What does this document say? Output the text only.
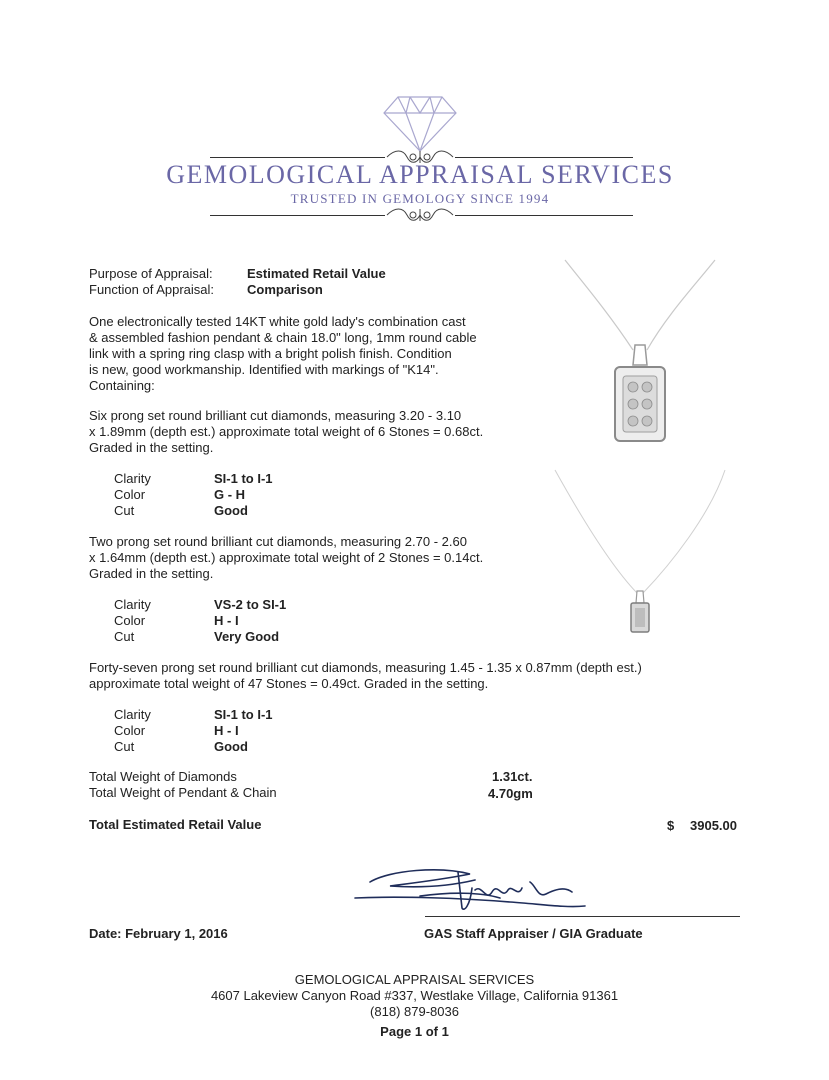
GEMOLOGICAL APPRAISAL SERVICES
TRUSTED IN GEMOLOGY SINCE 1994
Purpose of Appraisal:	Estimated Retail Value
Function of Appraisal:	Comparison
One electronically tested 14KT white gold lady's combination cast
& assembled fashion pendant & chain 18.0" long, 1mm round cable
link with a spring ring clasp with a bright polish finish. Condition
is new, good workmanship. Identified with markings of "K14".
Containing:
Six prong set round brilliant cut diamonds, measuring 3.20 - 3.10
x 1.89mm (depth est.) approximate total weight of 6 Stones = 0.68ct.
Graded in the setting.
Clarity	SI-1 to I-1
Color	G - H
Cut	Good
Two prong set round brilliant cut diamonds, measuring 2.70 - 2.60
x 1.64mm (depth est.) approximate total weight of 2 Stones = 0.14ct.
Graded in the setting.
Clarity	VS-2 to SI-1
Color	H - I
Cut	Very Good
Forty-seven prong set round brilliant cut diamonds, measuring 1.45 - 1.35 x 0.87mm (depth est.)
approximate total weight of 47 Stones = 0.49ct. Graded in the setting.
Clarity	SI-1 to I-1
Color	H - I
Cut	Good
Total Weight of Diamonds	1.31ct.
Total Weight of Pendant & Chain	4.70gm
Total Estimated Retail Value	$ 3905.00
Date: February 1, 2016	GAS Staff Appraiser / GIA Graduate
GEMOLOGICAL APPRAISAL SERVICES
4607 Lakeview Canyon Road #337, Westlake Village, California 91361
(818) 879-8036
Page 1 of 1
